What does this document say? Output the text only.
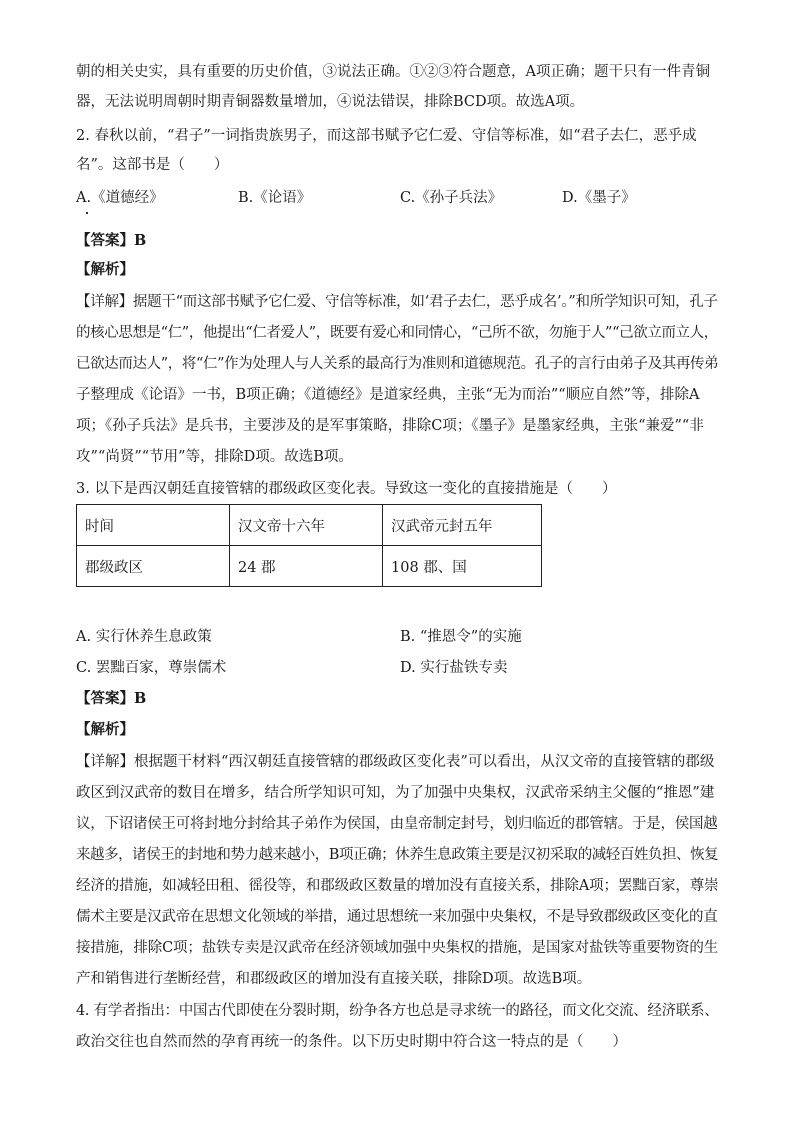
朝的相关史实，具有重要的历史价值，③说法正确。①②③符合题意，A项正确；题干只有一件青铜
器，无法说明周朝时期青铜器数量增加，④说法错误，排除BCD项。故选A项。
2. 春秋以前，“君子”一词指贵族男子，而这部书赋予它仁爱、守信等标准，如“君子去仁，恶乎成
名”。这部书是（　　）
A.《道德经》	B.《论语》	C.《孙子兵法》	D.《墨子》
【答案】B
【解析】
【详解】据题干“而这部书赋予它仁爱、守信等标准，如‘君子去仁，恶乎成名’。”和所学知识可知，孔子
的核心思想是“仁”，他提出“仁者爱人”，既要有爱心和同情心，“己所不欲，勿施于人”“己欲立而立人，
已欲达而达人”，将“仁”作为处理人与人关系的最高行为准则和道德规范。孔子的言行由弟子及其再传弟
子整理成《论语》一书，B项正确；《道德经》是道家经典，主张“无为而治”“顺应自然”等，排除A
项；《孙子兵法》是兵书，主要涉及的是军事策略，排除C项；《墨子》是墨家经典，主张“兼爱”“非
攻”“尚贤”“节用”等，排除D项。故选B项。
3. 以下是西汉朝廷直接管辖的郡级政区变化表。导致这一变化的直接措施是（　　）
时间	汉文帝十六年	汉武帝元封五年
郡级政区	24 郡	108 郡、国
A. 实行休养生息政策	B. “推恩令”的实施
C. 罢黜百家，尊崇儒术	D. 实行盐铁专卖
【答案】B
【解析】
【详解】根据题干材料“西汉朝廷直接管辖的郡级政区变化表”可以看出，从汉文帝的直接管辖的郡级
政区到汉武帝的数目在增多，结合所学知识可知，为了加强中央集权，汉武帝采纳主父偃的“推恩”建
议，下诏诸侯王可将封地分封给其子弟作为侯国，由皇帝制定封号，划归临近的郡管辖。于是，侯国越
来越多，诸侯王的封地和势力越来越小，B项正确；休养生息政策主要是汉初采取的减轻百姓负担、恢复
经济的措施，如减轻田租、徭役等，和郡级政区数量的增加没有直接关系，排除A项；罢黜百家，尊崇
儒术主要是汉武帝在思想文化领域的举措，通过思想统一来加强中央集权，不是导致郡级政区变化的直
接措施，排除C项；盐铁专卖是汉武帝在经济领域加强中央集权的措施，是国家对盐铁等重要物资的生
产和销售进行垄断经营，和郡级政区的增加没有直接关联，排除D项。故选B项。
4. 有学者指出：中国古代即使在分裂时期，纷争各方也总是寻求统一的路径，而文化交流、经济联系、
政治交往也自然而然的孕育再统一的条件。以下历史时期中符合这一特点的是（　　）
